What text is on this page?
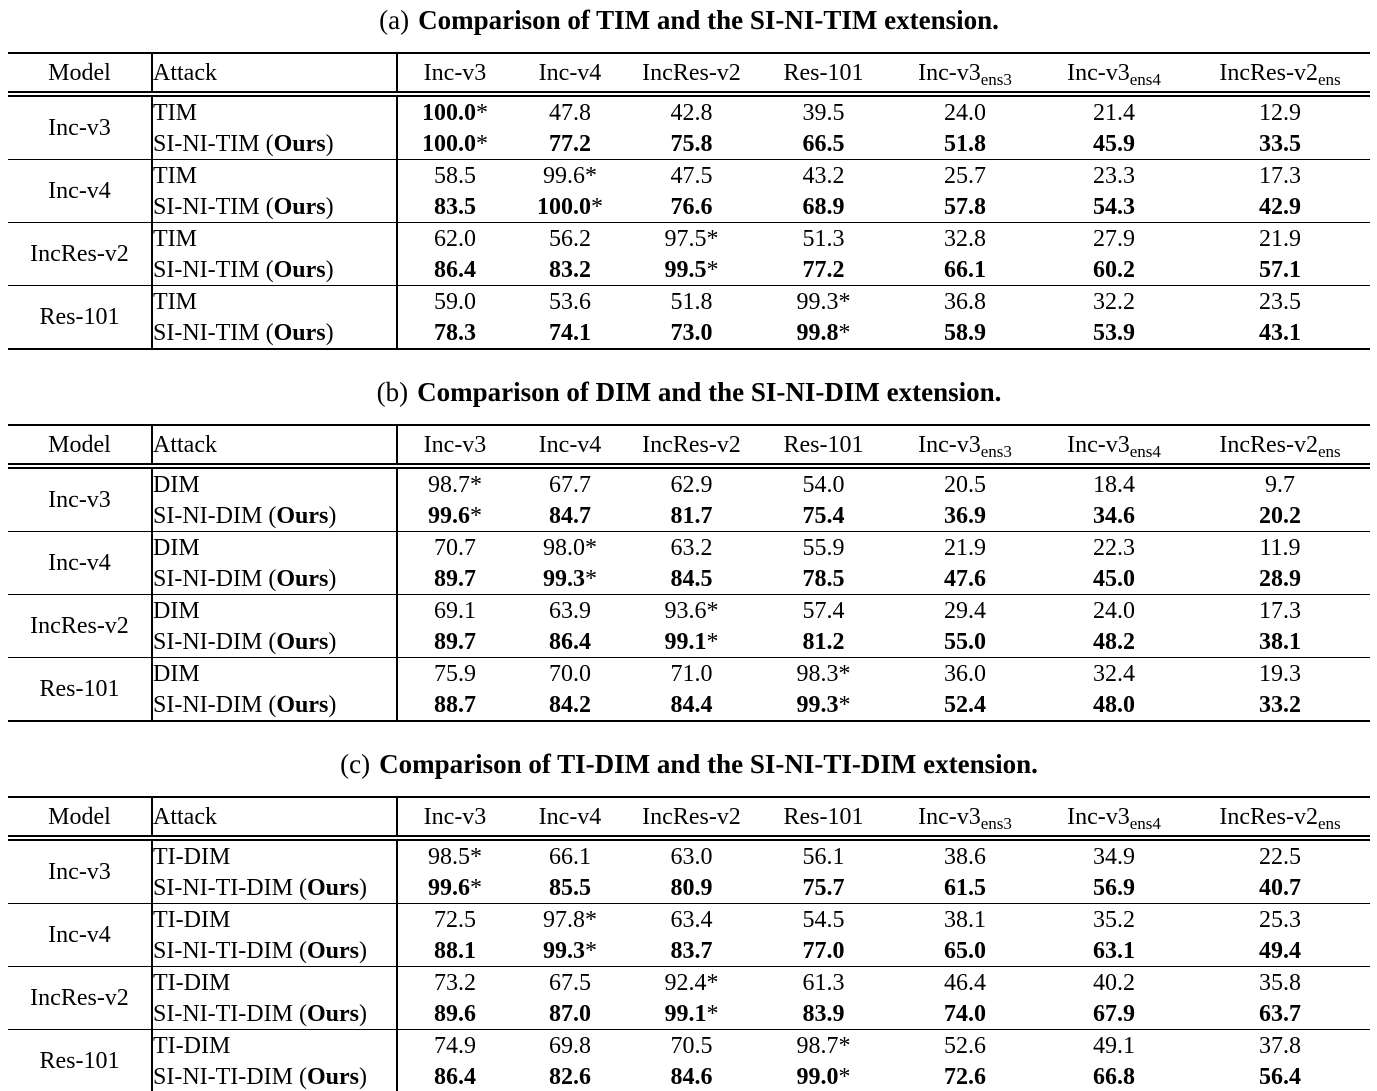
(a) Comparison of TIM and the SI-NI-TIM extension.
Model	Attack	Inc-v3	Inc-v4	IncRes-v2	Res-101	Inc-$v3_{ens3}$	Inc-$v3_{ens4}$	IncRes-$v2_{ens}$
Inc-v3	TIM	100.0*	47.8	42.8	39.5	24.0	21.4	12.9
	SI-NI-TIM (Ours)	100.0*	77.2	75.8	66.5	51.8	45.9	33.5
Inc-v4	TIM	58.5	99.6*	47.5	43.2	25.7	23.3	17.3
	SI-NI-TIM (Ours)	83.5	100.0*	76.6	68.9	57.8	54.3	42.9
IncRes-v2	TIM	62.0	56.2	97.5*	51.3	32.8	27.9	21.9
	SI-NI-TIM (Ours)	86.4	83.2	99.5*	77.2	66.1	60.2	57.1
Res-101	TIM	59.0	53.6	51.8	99.3*	36.8	32.2	23.5
	SI-NI-TIM (Ours)	78.3	74.1	73.0	99.8*	58.9	53.9	43.1
(b) Comparison of DIM and the SI-NI-DIM extension.
Model	Attack	Inc-v3	Inc-v4	IncRes-v2	Res-101	Inc-$v3_{ens3}$	Inc-$v3_{ens4}$	IncRes-$v2_{ens}$
Inc-v3	DIM	98.7*	67.7	62.9	54.0	20.5	18.4	9.7
	SI-NI-DIM (Ours)	99.6*	84.7	81.7	75.4	36.9	34.6	20.2
Inc-v4	DIM	70.7	98.0*	63.2	55.9	21.9	22.3	11.9
	SI-NI-DIM (Ours)	89.7	99.3*	84.5	78.5	47.6	45.0	28.9
IncRes-v2	DIM	69.1	63.9	93.6*	57.4	29.4	24.0	17.3
	SI-NI-DIM (Ours)	89.7	86.4	99.1*	81.2	55.0	48.2	38.1
Res-101	DIM	75.9	70.0	71.0	98.3*	36.0	32.4	19.3
	SI-NI-DIM (Ours)	88.7	84.2	84.4	99.3*	52.4	48.0	33.2
(c) Comparison of TI-DIM and the SI-NI-TI-DIM extension.
Model	Attack	Inc-v3	Inc-v4	IncRes-v2	Res-101	Inc-$v3_{ens3}$	Inc-$v3_{ens4}$	IncRes-$v2_{ens}$
Inc-v3	TI-DIM	98.5*	66.1	63.0	56.1	38.6	34.9	22.5
	SI-NI-TI-DIM (Ours)	99.6*	85.5	80.9	75.7	61.5	56.9	40.7
Inc-v4	TI-DIM	72.5	97.8*	63.4	54.5	38.1	35.2	25.3
	SI-NI-TI-DIM (Ours)	88.1	99.3*	83.7	77.0	65.0	63.1	49.4
IncRes-v2	TI-DIM	73.2	67.5	92.4*	61.3	46.4	40.2	35.8
	SI-NI-TI-DIM (Ours)	89.6	87.0	99.1*	83.9	74.0	67.9	63.7
Res-101	TI-DIM	74.9	69.8	70.5	98.7*	52.6	49.1	37.8
	SI-NI-TI-DIM (Ours)	86.4	82.6	84.6	99.0*	72.6	66.8	56.4
